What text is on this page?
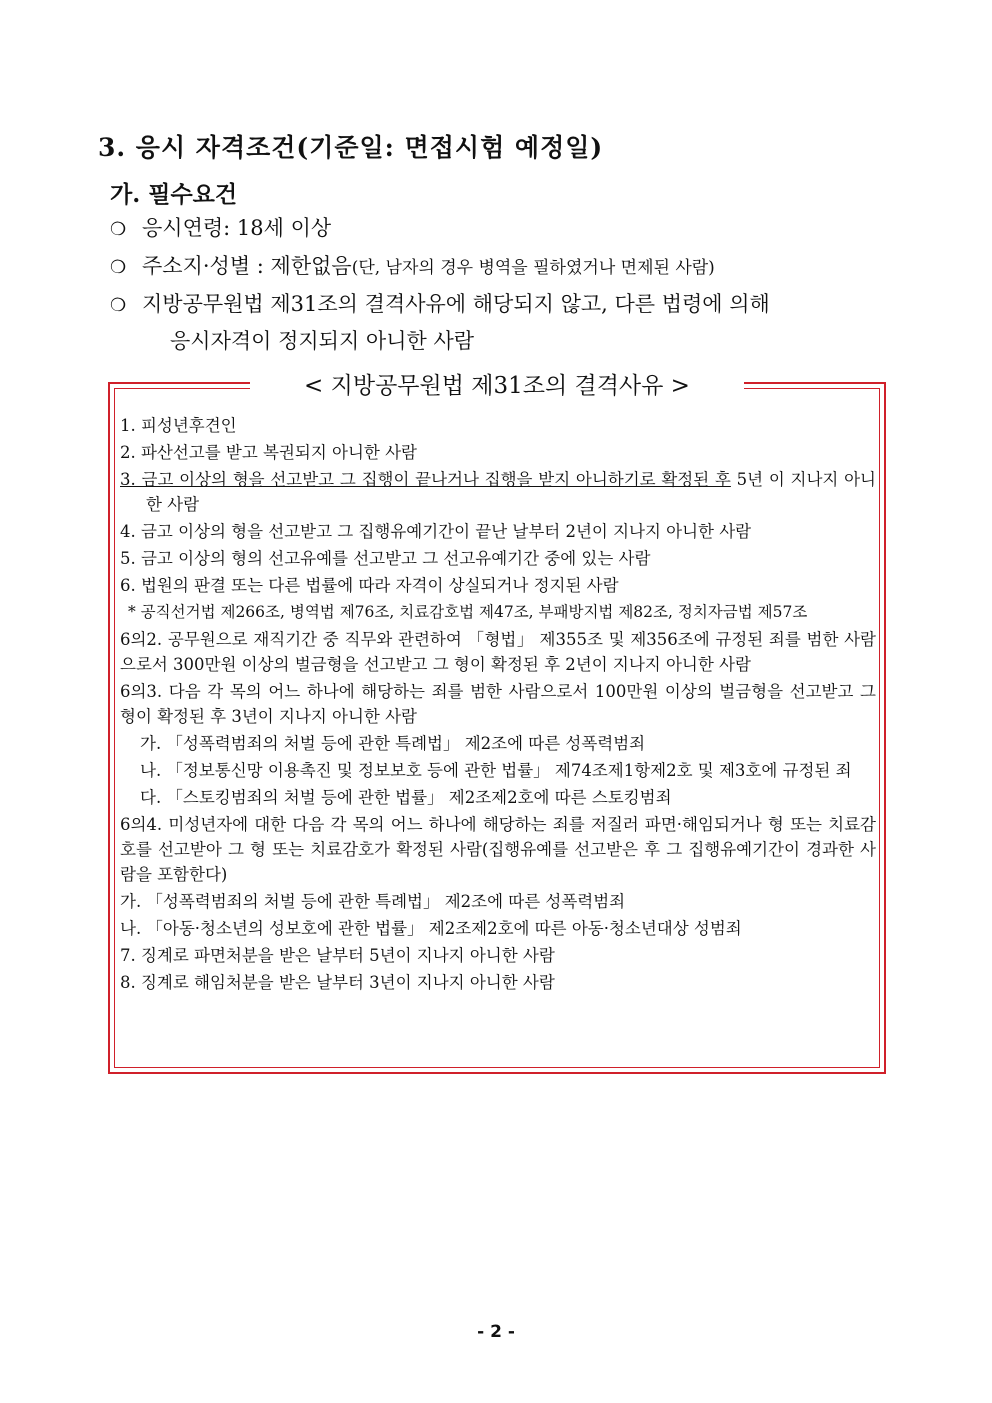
3. 응시 자격조건(기준일: 면접시험 예정일)
가. 필수요건
❍ 응시연령: 18세 이상
❍ 주소지·성별 : 제한없음(단, 남자의 경우 병역을 필하였거나 면제된 사람)
❍ 지방공무원법 제31조의 결격사유에 해당되지 않고, 다른 법령에 의해
응시자격이 정지되지 아니한 사람
< 지방공무원법 제31조의 결격사유 >
1. 피성년후견인
2. 파산선고를 받고 복권되지 아니한 사람
3. 금고 이상의 형을 선고받고 그 집행이 끝나거나 집행을 받지 아니하기로 확정된 후 5년 이 지나지 아니한 사람
4. 금고 이상의 형을 선고받고 그 집행유예기간이 끝난 날부터 2년이 지나지 아니한 사람
5. 금고 이상의 형의 선고유예를 선고받고 그 선고유예기간 중에 있는 사람
6. 법원의 판결 또는 다른 법률에 따라 자격이 상실되거나 정지된 사람
* 공직선거법 제266조, 병역법 제76조, 치료감호법 제47조, 부패방지법 제82조, 정치자금법 제57조
6의2. 공무원으로 재직기간 중 직무와 관련하여 「형법」 제355조 및 제356조에 규정된 죄를 범한 사람으로서 300만원 이상의 벌금형을 선고받고 그 형이 확정된 후 2년이 지나지 아니한 사람
6의3. 다음 각 목의 어느 하나에 해당하는 죄를 범한 사람으로서 100만원 이상의 벌금형을 선고받고 그 형이 확정된 후 3년이 지나지 아니한 사람
가. 「성폭력범죄의 처벌 등에 관한 특례법」 제2조에 따른 성폭력범죄
나. 「정보통신망 이용촉진 및 정보보호 등에 관한 법률」 제74조제1항제2호 및 제3호에 규정된 죄
다. 「스토킹범죄의 처벌 등에 관한 법률」 제2조제2호에 따른 스토킹범죄
6의4. 미성년자에 대한 다음 각 목의 어느 하나에 해당하는 죄를 저질러 파면·해임되거나 형 또는 치료감호를 선고받아 그 형 또는 치료감호가 확정된 사람(집행유예를 선고받은 후 그 집행유예기간이 경과한 사람을 포함한다)
가. 「성폭력범죄의 처벌 등에 관한 특례법」 제2조에 따른 성폭력범죄
나. 「아동·청소년의 성보호에 관한 법률」 제2조제2호에 따른 아동·청소년대상 성범죄
7. 징계로 파면처분을 받은 날부터 5년이 지나지 아니한 사람
8. 징계로 해임처분을 받은 날부터 3년이 지나지 아니한 사람
- 2 -
